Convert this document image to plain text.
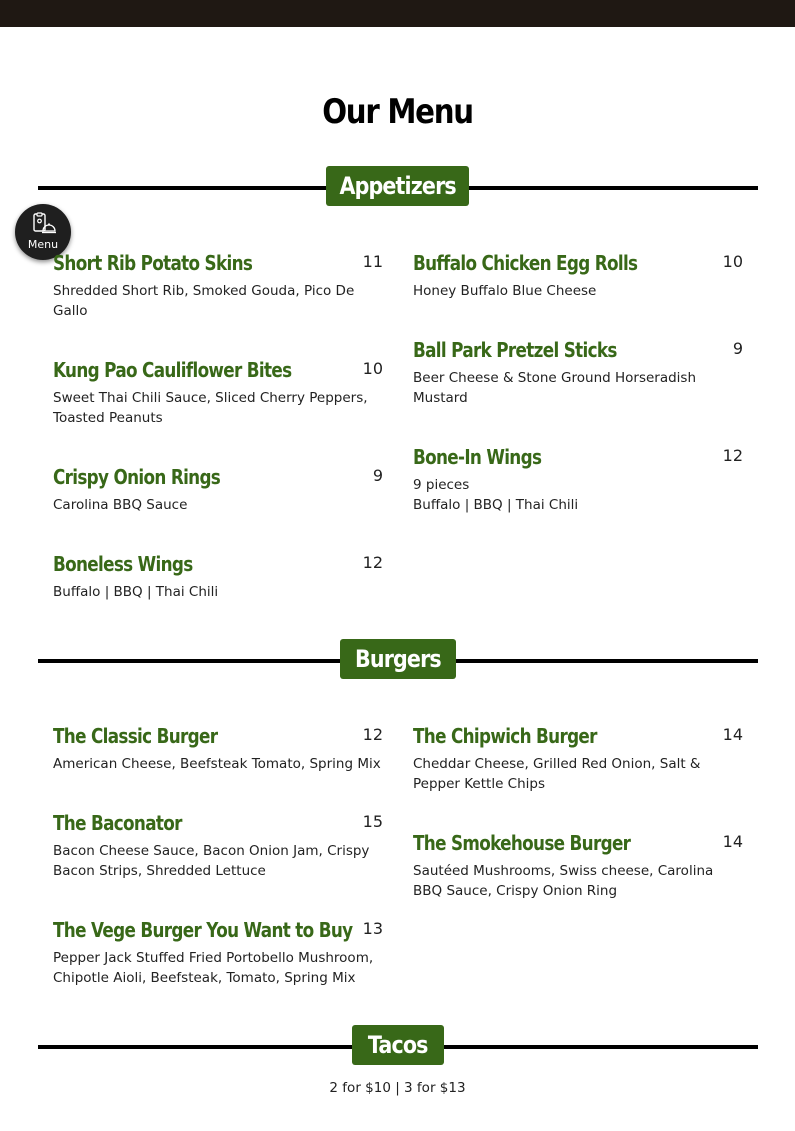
Our Menu
Menu
Appetizers
Short Rib Potato Skins	11
Shredded Short Rib, Smoked Gouda, Pico De Gallo
Buffalo Chicken Egg Rolls	10
Honey Buffalo Blue Cheese
Kung Pao Cauliflower Bites	10
Sweet Thai Chili Sauce, Sliced Cherry Peppers, Toasted Peanuts
Ball Park Pretzel Sticks	9
Beer Cheese & Stone Ground Horseradish Mustard
Crispy Onion Rings	9
Carolina BBQ Sauce
Bone-In Wings	12
9 pieces
Buffalo | BBQ | Thai Chili
Boneless Wings	12
Buffalo | BBQ | Thai Chili
Burgers
The Classic Burger	12
American Cheese, Beefsteak Tomato, Spring Mix
The Chipwich Burger	14
Cheddar Cheese, Grilled Red Onion, Salt & Pepper Kettle Chips
The Baconator	15
Bacon Cheese Sauce, Bacon Onion Jam, Crispy Bacon Strips, Shredded Lettuce
The Smokehouse Burger	14
Sautéed Mushrooms, Swiss cheese, Carolina BBQ Sauce, Crispy Onion Ring
The Vege Burger You Want to Buy 13
Pepper Jack Stuffed Fried Portobello Mushroom, Chipotle Aioli, Beefsteak, Tomato, Spring Mix
Tacos
2 for $10 | 3 for $13
